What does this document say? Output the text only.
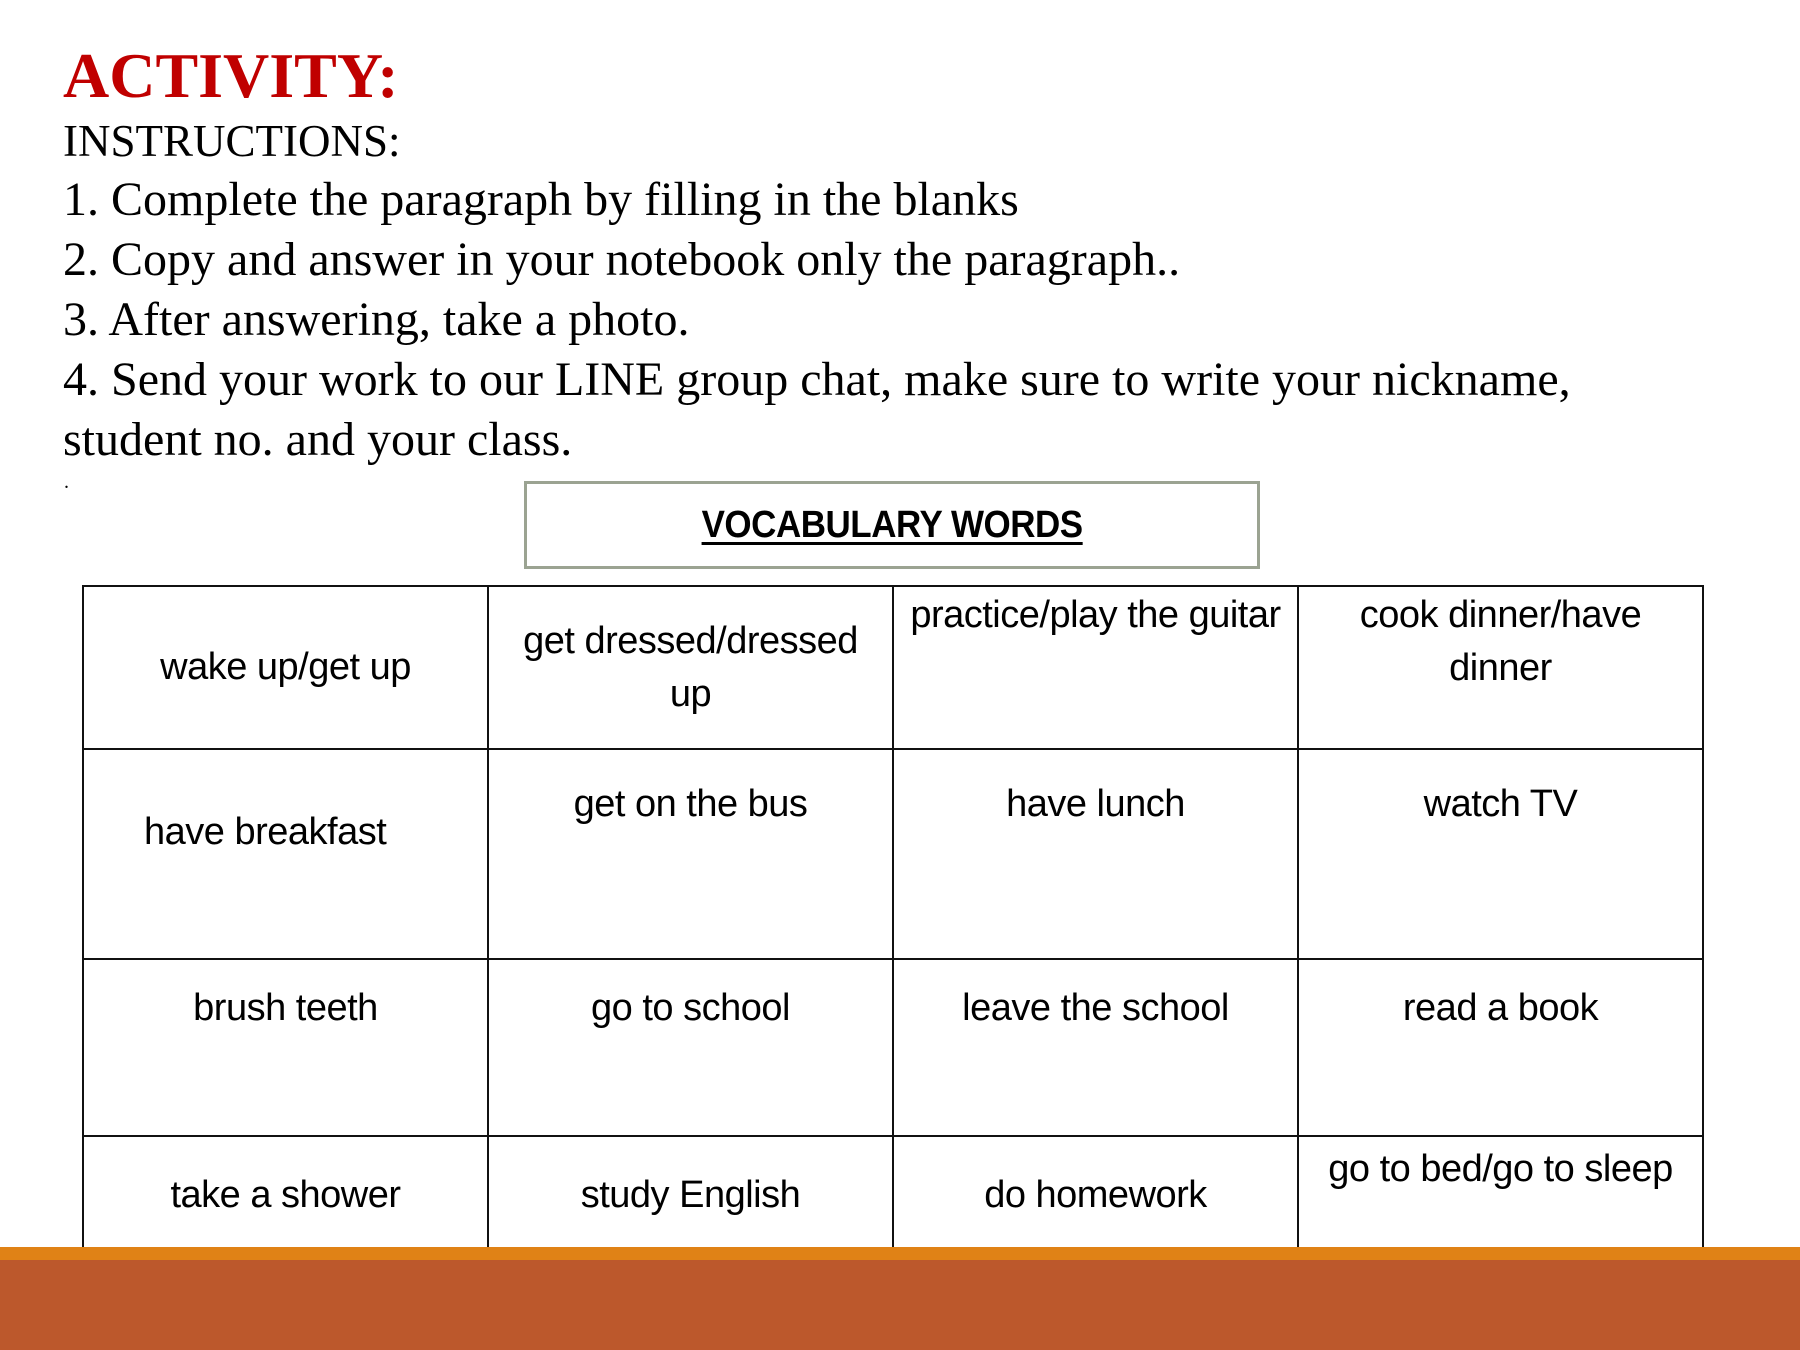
ACTIVITY:
INSTRUCTIONS:
1. Complete the paragraph by filling in the blanks
2. Copy and answer in your notebook only the paragraph..
3. After answering, take a photo.
4. Send your work to our LINE group chat, make sure to write your nickname,
student no. and your class.
.
VOCABULARY WORDS
wake up/get up	get dressed/dressed up	practice/play the guitar	cook dinner/have dinner
have breakfast	get on the bus	have lunch	watch TV
brush teeth	go to school	leave the school	read a book
take a shower	study English	do homework	go to bed/go to sleep
